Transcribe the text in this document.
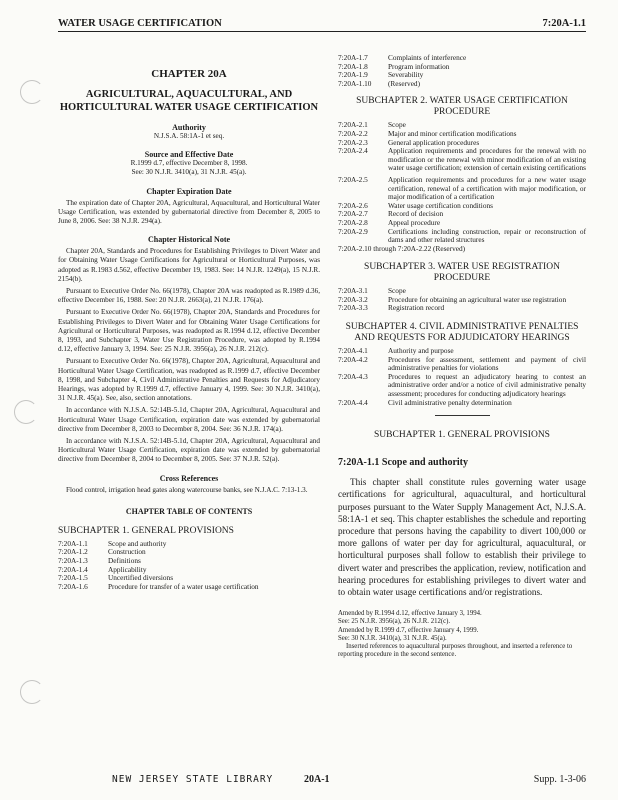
WATER USAGE CERTIFICATION	7:20A-1.1
CHAPTER 20A
AGRICULTURAL, AQUACULTURAL, AND HORTICULTURAL WATER USAGE CERTIFICATION
Authority
N.J.S.A. 58:1A-1 et seq.
Source and Effective Date
R.1999 d.7, effective December 8, 1998.
See: 30 N.J.R. 3410(a), 31 N.J.R. 45(a).
Chapter Expiration Date

The expiration date of Chapter 20A, Agricultural, Aquacultural, and Horticultural Water Usage Certification, was extended by gubernatorial directive from December 8, 2005 to June 8, 2006. See: 38 N.J.R. 294(a).

Chapter Historical Note

Chapter 20A, Standards and Procedures for Establishing Privileges to Divert Water and for Obtaining Water Usage Certifications for Agricultural or Horticultural Purposes, was adopted as R.1983 d.562, effective December 19, 1983. See: 14 N.J.R. 1249(a), 15 N.J.R. 2154(b).

Pursuant to Executive Order No. 66(1978), Chapter 20A was readopted as R.1989 d.36, effective December 16, 1988. See: 20 N.J.R. 2663(a), 21 N.J.R. 176(a).

Pursuant to Executive Order No. 66(1978), Chapter 20A, Standards and Procedures for Establishing Privileges to Divert Water and for Obtaining Water Usage Certifications for Agricultural or Horticultural Purposes, was readopted as R.1994 d.12, effective December 8, 1993, and Subchapter 3, Water Use Registration Procedure, was adopted by R.1994 d.12, effective January 3, 1994. See: 25 N.J.R. 3956(a), 26 N.J.R. 212(c).

Pursuant to Executive Order No. 66(1978), Chapter 20A, Agricultural, Aquacultural and Horticultural Water Usage Certification, was readopted as R.1999 d.7, effective December 8, 1998, and Subchapter 4, Civil Administrative Penalties and Requests for Adjudicatory Hearings, was adopted by R.1999 d.7, effective January 4, 1999. See: 30 N.J.R. 3410(a), 31 N.J.R. 45(a). See, also, section annotations.

In accordance with N.J.S.A. 52:14B-5.1d, Chapter 20A, Agricultural, Aquacultural and Horticultural Water Usage Certification, expiration date was extended by gubernatorial directive from December 8, 2003 to December 8, 2004. See: 36 N.J.R. 174(a).

In accordance with N.J.S.A. 52:14B-5.1d, Chapter 20A, Agricultural, Aquacultural and Horticultural Water Usage Certification, expiration date was extended by gubernatorial directive from December 8, 2004 to December 8, 2005. See: 37 N.J.R. 52(a).

Cross References

Flood control, irrigation head gates along watercourse banks, see N.J.A.C. 7:13-1.3.

CHAPTER TABLE OF CONTENTS
SUBCHAPTER 1. GENERAL PROVISIONS
7:20A-1.1	Scope and authority
7:20A-1.2	Construction
7:20A-1.3	Definitions
7:20A-1.4	Applicability
7:20A-1.5	Uncertified diversions
7:20A-1.6	Procedure for transfer of a water usage certification
7:20A-1.7	Complaints of interference
7:20A-1.8	Program information
7:20A-1.9	Severability
7:20A-1.10	(Reserved)
SUBCHAPTER 2. WATER USAGE CERTIFICATION PROCEDURE
7:20A-2.1	Scope
7:20A-2.2	Major and minor certification modifications
7:20A-2.3	General application procedures
7:20A-2.4	Application requirements and procedures for the renewal with no modification or the renewal with minor modification of an existing water usage certification; extension of certain existing certifications
7:20A-2.5	Application requirements and procedures for a new water usage certification, renewal of a certification with major modification, or major modification of a certification
7:20A-2.6	Water usage certification conditions
7:20A-2.7	Record of decision
7:20A-2.8	Appeal procedure
7:20A-2.9	Certifications including construction, repair or reconstruction of dams and other related structures
7:20A-2.10 through 7:20A-2.22 (Reserved)
SUBCHAPTER 3. WATER USE REGISTRATION PROCEDURE
7:20A-3.1	Scope
7:20A-3.2	Procedure for obtaining an agricultural water use registration
7:20A-3.3	Registration record
SUBCHAPTER 4. CIVIL ADMINISTRATIVE PENALTIES AND REQUESTS FOR ADJUDICATORY HEARINGS
7:20A-4.1	Authority and purpose
7:20A-4.2	Procedures for assessment, settlement and payment of civil administrative penalties for violations
7:20A-4.3	Procedures to request an adjudicatory hearing to contest an administrative order and/or a notice of civil administrative penalty assessment; procedures for conducting adjudicatory hearings
7:20A-4.4	Civil administrative penalty determination
SUBCHAPTER 1. GENERAL PROVISIONS
7:20A-1.1 Scope and authority

This chapter shall constitute rules governing water usage certifications for agricultural, aquacultural, and horticultural purposes pursuant to the Water Supply Management Act, N.J.S.A. 58:1A-1 et seq. This chapter establishes the schedule and reporting procedure that persons having the capability to divert 100,000 or more gallons of water per day for agricultural, aquacultural, or horticultural purposes shall follow to establish their privilege to divert water and prescribes the application, review, notification and hearing procedures for establishing privileges to divert water and to obtain water usage certifications and/or registrations.

Amended by R.1994 d.12, effective January 3, 1994.
See: 25 N.J.R. 3956(a), 26 N.J.R. 212(c).
Amended by R.1999 d.7, effective January 4, 1999.
See: 30 N.J.R. 3410(a), 31 N.J.R. 45(a).
Inserted references to aquacultural purposes throughout, and inserted a reference to reporting procedure in the second sentence.
NEW JERSEY STATE LIBRARY	20A-1	Supp. 1-3-06
